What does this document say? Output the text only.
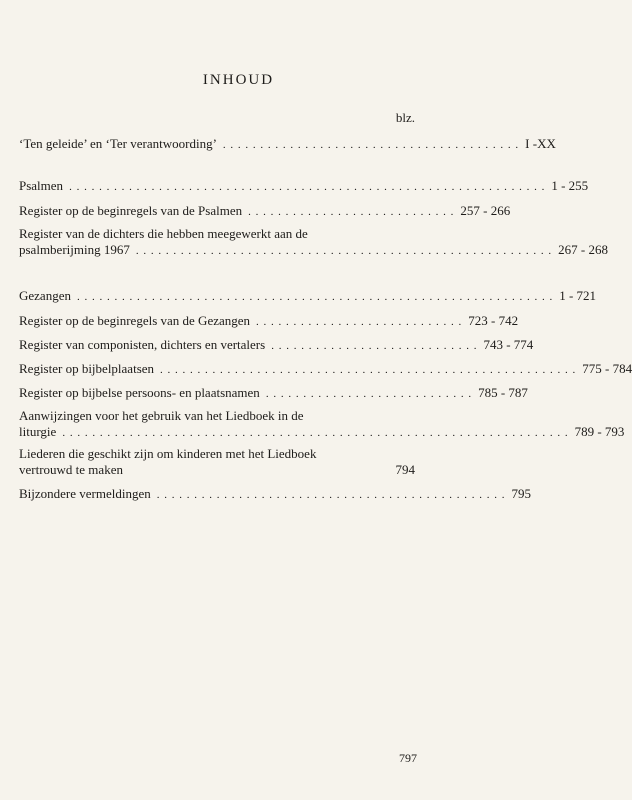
INHOUD
blz.
‘Ten geleide’ en ‘Ter verantwoording’ . . . . . . . . . . . . . . . . . . . . . . . . . . . . . . . . . . . . . . . . I -XX
Psalmen . . . . . . . . . . . . . . . . . . . . . . . . . . . . . . . . . . . . . . . . . . . . . . . . . . . . . . . . . . . . . . . . 1 - 255
Register op de beginregels van de Psalmen . . . . . . . . . . . . . . . . . . . . . . . . . . . . 257 - 266
Register van de dichters die hebben meegewerkt aan de
psalmberijming 1967 . . . . . . . . . . . . . . . . . . . . . . . . . . . . . . . . . . . . . . . . . . . . . . . . . . . . . . . . 267 - 268
Gezangen . . . . . . . . . . . . . . . . . . . . . . . . . . . . . . . . . . . . . . . . . . . . . . . . . . . . . . . . . . . . . . . . 1 - 721
Register op de beginregels van de Gezangen . . . . . . . . . . . . . . . . . . . . . . . . . . . . 723 - 742
Register van componisten, dichters en vertalers . . . . . . . . . . . . . . . . . . . . . . . . . . . . 743 - 774
Register op bijbelplaatsen . . . . . . . . . . . . . . . . . . . . . . . . . . . . . . . . . . . . . . . . . . . . . . . . . . . . . . . . 775 - 784
Register op bijbelse persoons- en plaatsnamen . . . . . . . . . . . . . . . . . . . . . . . . . . . . 785 - 787
Aanwijzingen voor het gebruik van het Liedboek in de
liturgie . . . . . . . . . . . . . . . . . . . . . . . . . . . . . . . . . . . . . . . . . . . . . . . . . . . . . . . . . . . . . . . . . . . . 789 - 793
Liederen die geschikt zijn om kinderen met het Liedboek
vertrouwd te maken	794
Bijzondere vermeldingen . . . . . . . . . . . . . . . . . . . . . . . . . . . . . . . . . . . . . . . . . . . . . . . 795
797
